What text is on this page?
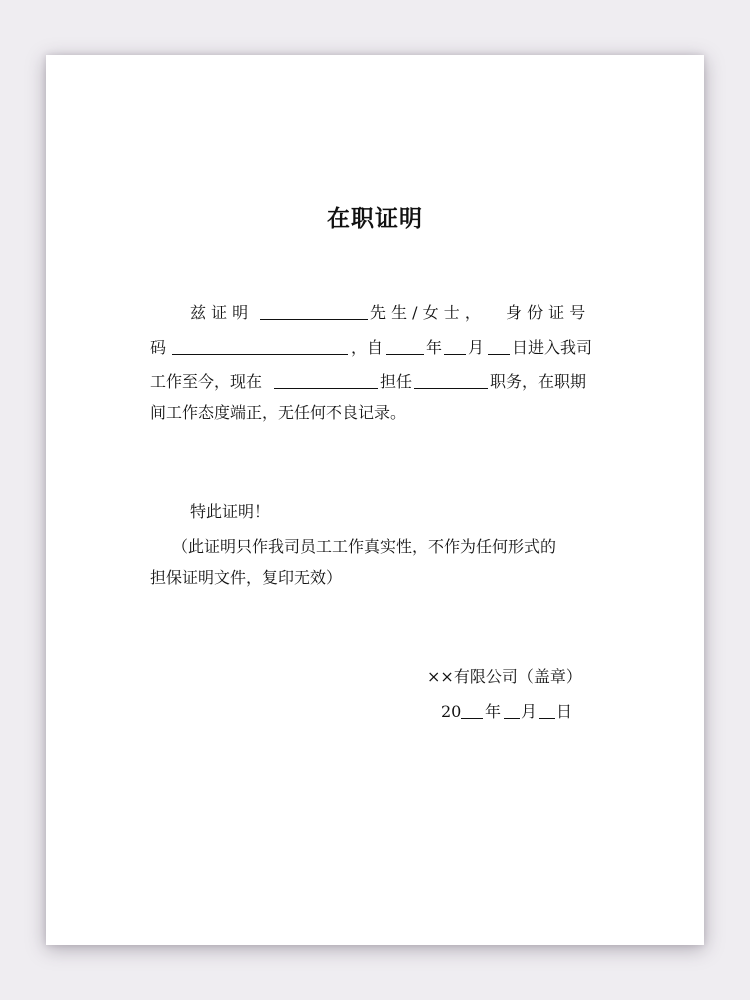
在职证明
兹 证 明	先 生 / 女 士 ， 身 份 证 号
码	，自	年 月 日进入我司
工作至今，现在	担任	职务，在职期
间工作态度端正，无任何不良记录。
特此证明！
（此证明只作我司员工工作真实性，不作为任何形式的
担保证明文件，复印无效）
××有限公司（盖章）
20 年 月 日
